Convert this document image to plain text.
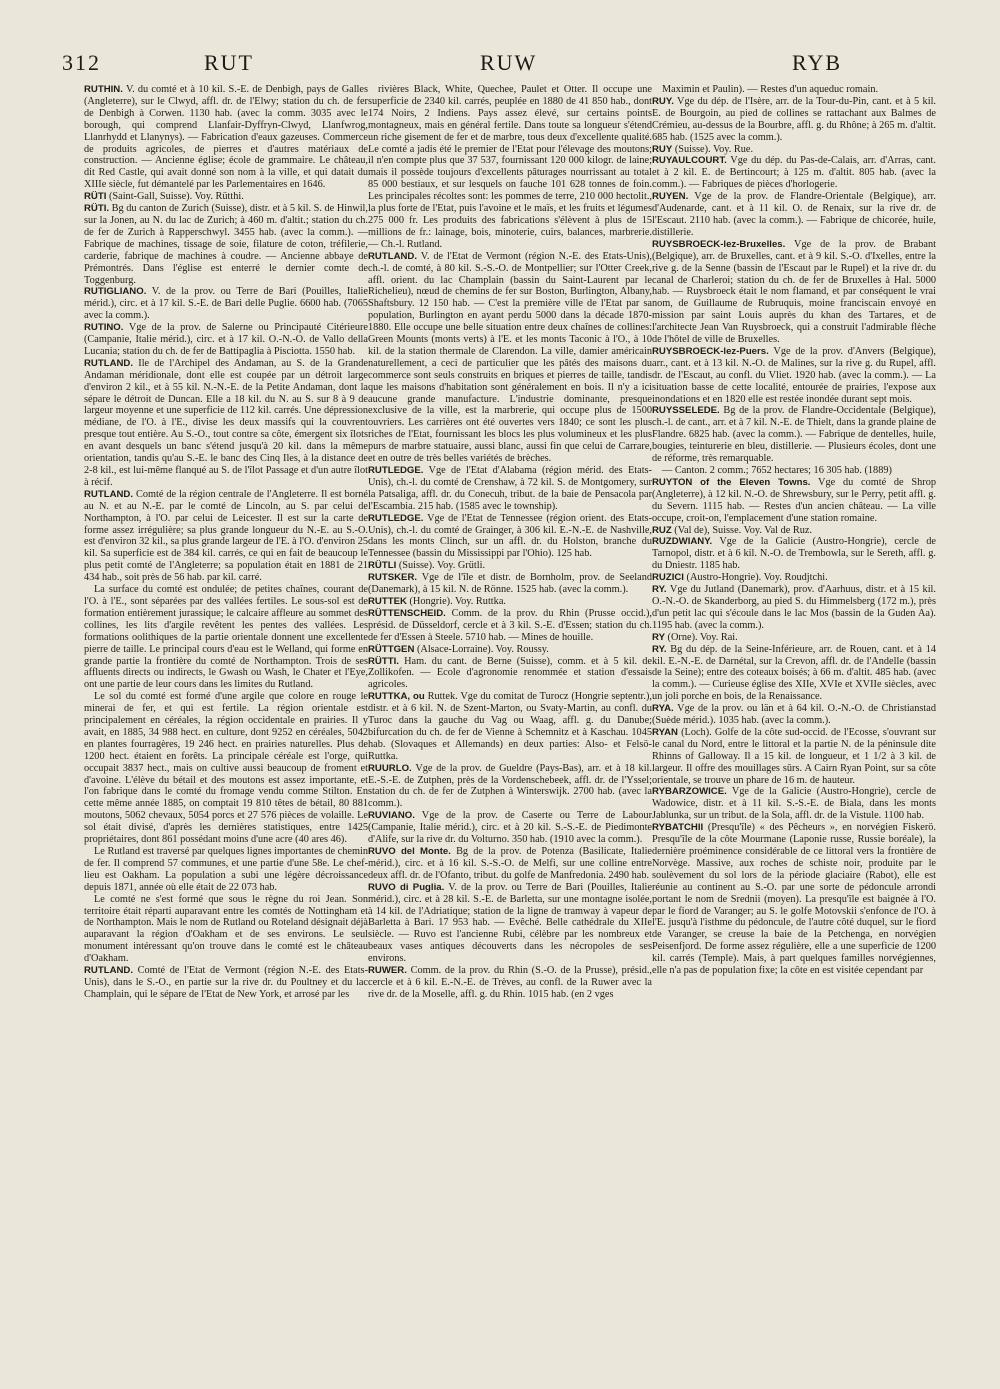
312	RUT	RUW	RYB

RUTHIN. V. du comté et à 10 kil. S.-E. de Denbigh, pays de Galles (Angleterre), sur le Clwyd, affl. dr. de l'Elwy; station du ch. de fer de Denbigh à Corwen. 1130 hab. (avec la comm. 3035 avec le borough, qui comprend Llanfair-Dyffryn-Clwyd, Llanfwrog, Llanrhydd et Llanynys). — Fabrication d'eaux gazeuses. Commerce de produits agricoles, de pierres et d'autres matériaux de construction. — Ancienne église; école de grammaire. Le château, dit Red Castle, qui avait donné son nom à la ville, et qui datait du XIIIe siècle, fut démantelé par les Parlementaires en 1646.

RÜTI (Saint-Gall, Suisse). Voy. Rütthi.

RÜTI. Bg du canton de Zurich (Suisse), distr. et à 5 kil. S. de Hinwil, sur la Jonen, au N. du lac de Zurich; à 460 m. d'altit.; station du ch. de fer de Zurich à Rapperschwyl. 3455 hab. (avec la comm.). — Fabrique de machines, tissage de soie, filature de coton, tréfilerie, carderie, fabrique de machines à coudre. — Ancienne abbaye de Prémontrés. Dans l'église est enterré le dernier comte de Toggenburg.

RUTIGLIANO. V. de la prov. ou Terre de Bari (Pouilles, Italie mérid.), circ. et à 17 kil. S.-E. de Bari delle Puglie. 6600 hab. (7065 avec la comm.).

RUTINO. Vge de la prov. de Salerne ou Principauté Citérieure (Campanie, Italie mérid.), circ. et à 17 kil. O.-N.-O. de Vallo della Lucania; station du ch. de fer de Battipaglia à Pisciotta. 1550 hab.

RUTLAND. Ile de l'Archipel des Andaman, au S. de la Grande Andaman méridionale, dont elle est coupée par un détroit large d'environ 2 kil., et à 55 kil. N.-N.-E. de la Petite Andaman, dont la sépare le détroit de Duncan. Elle a 18 kil. du N. au S. sur 8 à 9 de largeur moyenne et une superficie de 112 kil. carrés. Une dépression médiane, de l'O. à l'E., divise les deux massifs qui la couvrent presque tout entière. Au S.-O., tout contre sa côte, émergent six îlots en avant desquels un banc s'étend jusqu'à 20 kil. dans la même orientation, tandis qu'au S.-E. le banc des Cinq Iles, à la distance de 2-8 kil., est lui-même flanqué au S. de l'îlot Passage et d'un autre îlot à récif.

RUTLAND. Comté de la région centrale de l'Angleterre. Il est borné au N. et au N.-E. par le comté de Lincoln, au S. par celui de Northampton, à l'O. par celui de Leicester. Il est sur la carte de forme assez irrégulière; sa plus grande longueur du N.-E. au S.-O. est d'environ 32 kil., sa plus grande largeur de l'E. à l'O. d'environ 25 kil. Sa superficie est de 384 kil. carrés, ce qui en fait de beaucoup le plus petit comté de l'Angleterre; sa population était en 1881 de 21 434 hab., soit près de 56 hab. par kil. carré.

La surface du comté est ondulée; de petites chaînes, courant de l'O. à l'E., sont séparées par des vallées fertiles. Le sous-sol est de formation entièrement jurassique; le calcaire affleure au sommet des collines, les lits d'argile revêtent les pentes des vallées. Les formations oolithiques de la partie orientale donnent une excellente pierre de taille. Le principal cours d'eau est le Welland, qui forme en grande partie la frontière du comté de Northampton. Trois de ses affluents directs ou indirects, le Gwash ou Wash, le Chater et l'Eye, ont une partie de leur cours dans les limites du Rutland.

Le sol du comté est formé d'une argile que colore en rouge le minerai de fer, et qui est fertile. La région orientale est principalement en céréales, la région occidentale en prairies. Il y avait, en 1885, 34 988 hect. en culture, dont 9252 en céréales, 5042 en plantes fourragères, 19 246 hect. en prairies naturelles. Plus de 1200 hect. étaient en forêts. La principale céréale est l'orge, qui occupait 3837 hect., mais on cultive aussi beaucoup de froment et d'avoine. L'élève du bétail et des moutons est assez importante, et l'on fabrique dans le comté du fromage vendu comme Stilton. En cette même année 1885, on comptait 19 810 têtes de bétail, 80 881 moutons, 5062 chevaux, 5054 porcs et 27 576 pièces de volaille. Le sol était divisé, d'après les dernières statistiques, entre 1425 propriétaires, dont 861 possédant moins d'une acre (40 ares 46).

Le Rutland est traversé par quelques lignes importantes de chemin de fer. Il comprend 57 communes, et une partie d'une 58e. Le chef-lieu est Oakham. La population a subi une légère décroissance depuis 1871, année où elle était de 22 073 hab.

Le comté ne s'est formé que sous le règne du roi Jean. Son territoire était réparti auparavant entre les comtés de Nottingham et de Northampton. Mais le nom de Rutland ou Roteland désignait déjà auparavant la région d'Oakham et de ses environs. Le seul monument intéressant qu'on trouve dans le comté est le château d'Oakham.

RUTLAND. Comté de l'Etat de Vermont (région N.-E. des Etats-Unis), dans le S.-O., en partie sur la rive dr. du Poultney et du lac Champlain, qui le sépare de l'Etat de New York, et arrosé par les

rivières Black, White, Quechee, Paulet et Otter. Il occupe une superficie de 2340 kil. carrés, peuplée en 1880 de 41 850 hab., dont 174 Noirs, 2 Indiens. Pays assez élevé, sur certains points montagneux, mais en général fertile. Dans toute sa longueur s'étend un riche gisement de fer et de marbre, tous deux d'excellente qualité. Le comté a jadis été le premier de l'Etat pour l'élevage des moutons; il n'en compte plus que 37 537, fournissant 120 000 kilogr. de laine; mais il possède toujours d'excellents pâturages nourrissant au total 85 000 bestiaux, et sur lesquels on fauche 101 628 tonnes de foin. Les principales récoltes sont: les pommes de terre, 210 000 hectolit., la plus forte de l'Etat, puis l'avoine et le maïs, et les fruits et légumes 275 000 fr. Les produits des fabrications s'élèvent à plus de 15 millions de fr.: lainage, bois, minoterie, cuirs, balances, marbrerie. — Ch.-l. Rutland.

RUTLAND. V. de l'Etat de Vermont (région N.-E. des Etats-Unis), ch.-l. de comté, à 80 kil. S.-S.-O. de Montpellier; sur l'Otter Creek, affl. orient. du lac Champlain (bassin du Saint-Laurent par le Richelieu), nœud de chemins de fer sur Boston, Burlington, Albany, Shaftsbury. 12 150 hab. — C'est la première ville de l'Etat par sa population, Burlington en ayant perdu 5000 dans la décade 1870-1880. Elle occupe une belle situation entre deux chaînes de collines: Green Mounts (monts verts) à l'E. et les monts Taconic à l'O., à 10 kil. de la station thermale de Clarendon. La ville, damier américain naturellement, a ceci de particulier que les pâtés des maisons du commerce sont seuls construits en briques et pierres de taille, tandis que les maisons d'habitation sont généralement en bois. Il n'y a ici aucune grande manufacture. L'industrie dominante, presque exclusive de la ville, est la marbrerie, qui occupe plus de 1500 ouvriers. Les carrières ont été ouvertes vers 1840; ce sont les plus riches de l'Etat, fournissant les blocs les plus volumineux et les plus purs de marbre statuaire, aussi blanc, aussi fin que celui de Carrare, et en outre de très belles variétés de brèches.

RUTLEDGE. Vge de l'Etat d'Alabama (région mérid. des Etats-Unis), ch.-l. du comté de Crenshaw, à 72 kil. S. de Montgomery, sur la Patsaliga, affl. dr. du Conecuh, tribut. de la baie de Pensacola par l'Escambia. 215 hab. (1585 avec le township).

RUTLEDGE. Vge de l'Etat de Tennessee (région orient. des Etats-Unis), ch.-l. du comté de Grainger, à 306 kil. E.-N.-E. de Nashville, dans les monts Clinch, sur un affl. dr. du Holston, branche du Tennessee (bassin du Mississippi par l'Ohio). 125 hab.

RÜTLI (Suisse). Voy. Grütli.

RUTSKER. Vge de l'île et distr. de Bornholm, prov. de Seeland (Danemark), à 15 kil. N. de Rönne. 1525 hab. (avec la comm.).

RUTTEK (Hongrie). Voy. Ruttka.

RÜTTENSCHEID. Comm. de la prov. du Rhin (Prusse occid.), présid. de Düsseldorf, cercle et à 3 kil. S.-E. d'Essen; station du ch. de fer d'Essen à Steele. 5710 hab. — Mines de houille.

RÜTTGEN (Alsace-Lorraine). Voy. Roussy.

RÜTTI. Ham. du cant. de Berne (Suisse), comm. et à 5 kil. de Zollikofen. — Ecole d'agronomie renommée et station d'essais agricoles.

RUTTKA, ou Ruttek. Vge du comitat de Turocz (Hongrie septentr.), distr. et à 6 kil. N. de Szent-Marton, ou Svaty-Martin, au confl. du Turoc dans la gauche du Vag ou Waag, affl. g. du Danube; bifurcation du ch. de fer de Vienne à Schemnitz et à Kaschau. 1045 hab. (Slovaques et Allemands) en deux parties: Also- et Felsö-Ruttka.

RUURLO. Vge de la prov. de Gueldre (Pays-Bas), arr. et à 18 kil. E.-S.-E. de Zutphen, près de la Vordenschebeek, affl. dr. de l'Yssel; station du ch. de fer de Zutphen à Winterswijk. 2700 hab. (avec la comm.).

RUVIANO. Vge de la prov. de Caserte ou Terre de Labour (Campanie, Italie mérid.), circ. et à 20 kil. S.-S.-E. de Piedimonte d'Alife, sur la rive dr. du Volturno. 350 hab. (1910 avec la comm.).

RUVO del Monte. Bg de la prov. de Potenza (Basilicate, Italie mérid.), circ. et à 16 kil. S.-S.-O. de Melfi, sur une colline entre deux affl. dr. de l'Ofanto, tribut. du golfe de Manfredonia. 2490 hab.

RUVO di Puglia. V. de la prov. ou Terre de Bari (Pouilles, Italie mérid.), circ. et à 28 kil. S.-E. de Barletta, sur une montagne isolée, à 14 kil. de l'Adriatique; station de la ligne de tramway à vapeur de Barletta à Bari. 17 953 hab. — Evêché. Belle cathédrale du XIIe siècle. — Ruvo est l'ancienne Rubi, célèbre par les nombreux et beaux vases antiques découverts dans les nécropoles de ses environs.

RUWER. Comm. de la prov. du Rhin (S.-O. de la Prusse), présid., cercle et à 6 kil. E.-N.-E. de Trèves, au confl. de la Ruwer avec la rive dr. de la Moselle, affl. g. du Rhin. 1015 hab. (en 2 vges

Maximin et Paulin). — Restes d'un aqueduc romain.

RUY. Vge du dép. de l'Isère, arr. de la Tour-du-Pin, cant. et à 5 kil. E. de Bourgoin, au pied de collines se rattachant aux Balmes de Crémieu, au-dessus de la Bourbre, affl. g. du Rhône; à 265 m. d'altit. 685 hab. (1525 avec la comm.).

RUY (Suisse). Voy. Rue.

RUYAULCOURT. Vge du dép. du Pas-de-Calais, arr. d'Arras, cant. et à 2 kil. E. de Bertincourt; à 125 m. d'altit. 805 hab. (avec la comm.). — Fabriques de pièces d'horlogerie.

RUYEN. Vge de la prov. de Flandre-Orientale (Belgique), arr. d'Audenarde, cant. et à 11 kil. O. de Renaix, sur la rive dr. de l'Escaut. 2110 hab. (avec la comm.). — Fabrique de chicorée, huile, distillerie.

RUYSBROECK-lez-Bruxelles. Vge de la prov. de Brabant (Belgique), arr. de Bruxelles, cant. et à 9 kil. S.-O. d'Ixelles, entre la rive g. de la Senne (bassin de l'Escaut par le Rupel) et la rive dr. du canal de Charleroi; station du ch. de fer de Bruxelles à Hal. 5000 hab. — Ruysbroeck était le nom flamand, et par conséquent le vrai nom, de Guillaume de Rubruquis, moine franciscain envoyé en mission par saint Louis auprès du khan des Tartares, et de l'architecte Jean Van Ruysbroeck, qui a construit l'admirable flèche de l'hôtel de ville de Bruxelles.

RUYSBROECK-lez-Puers. Vge de la prov. d'Anvers (Belgique), arr., cant. et à 13 kil. N.-O. de Malines, sur la rive g. du Rupel, affl. dr. de l'Escaut, au confl. du Vliet. 1920 hab. (avec la comm.). — La situation basse de cette localité, entourée de prairies, l'expose aux inondations et en 1820 elle est restée inondée durant sept mois.

RUYSSELEDE. Bg de la prov. de Flandre-Occidentale (Belgique), ch.-l. de cant., arr. et à 7 kil. N.-E. de Thielt, dans la grande plaine de Flandre. 6825 hab. (avec la comm.). — Fabrique de dentelles, huile, bougies, teinturerie en bleu, distillerie. — Plusieurs écoles, dont une de réforme, très remarquable.

— Canton. 2 comm.; 7652 hectares; 16 305 hab. (1889)

RUYTON of the Eleven Towns. Vge du comté de Shrop (Angleterre), à 12 kil. N.-O. de Shrewsbury, sur le Perry, petit affl. g. du Severn. 1115 hab. — Restes d'un ancien château. — La ville occupe, croit-on, l'emplacement d'une station romaine.

RUZ (Val de), Suisse. Voy. Val de Ruz.

RUZDWIANY. Vge de la Galicie (Austro-Hongrie), cercle de Tarnopol, distr. et à 6 kil. N.-O. de Trembowla, sur le Sereth, affl. g. du Dniestr. 1185 hab.

RUZICI (Austro-Hongrie). Voy. Roudjtchi.

RY. Vge du Jutland (Danemark), prov. d'Aarhuus, distr. et à 15 kil. O.-N.-O. de Skanderborg, au pied S. du Himmelsberg (172 m.), près d'un petit lac qui s'écoule dans le lac Mos (bassin de la Guden Aa). 1195 hab. (avec la comm.).

RY (Orne). Voy. Rai.

RY. Bg du dép. de la Seine-Inférieure, arr. de Rouen, cant. et à 14 kil. E.-N.-E. de Darnétal, sur la Crevon, affl. dr. de l'Andelle (bassin de la Seine); entre des coteaux boisés; à 66 m. d'altit. 485 hab. (avec la comm.). — Curieuse église des XIIe, XVIe et XVIIe siècles, avec un joli porche en bois, de la Renaissance.

RYA. Vge de la prov. ou län et à 64 kil. O.-N.-O. de Christianstad (Suède mérid.). 1035 hab. (avec la comm.).

RYAN (Loch). Golfe de la côte sud-occid. de l'Ecosse, s'ouvrant sur le canal du Nord, entre le littoral et la partie N. de la péninsule dite Rhinns of Galloway. Il a 15 kil. de longueur, et 1 1/2 à 3 kil. de largeur. Il offre des mouillages sûrs. A Cairn Ryan Point, sur sa côte orientale, se trouve un phare de 16 m. de hauteur.

RYBARZOWICE. Vge de la Galicie (Austro-Hongrie), cercle de Wadowice, distr. et à 11 kil. S.-S.-E. de Biala, dans les monts Jablunka, sur un tribut. de la Sola, affl. dr. de la Vistule. 1100 hab.

RYBATCHII (Presqu'île) « des Pêcheurs », en norvégien Fiskerö. Presqu'île de la côte Mourmane (Laponie russe, Russie boréale), la dernière proéminence considérable de ce littoral vers la frontière de Norvège. Massive, aux roches de schiste noir, produite par le soulèvement du sol lors de la période glaciaire (Rabot), elle est réunie au continent au S.-O. par une sorte de pédoncule arrondi portant le nom de Srednii (moyen). La presqu'île est baignée à l'O. par le fiord de Varanger; au S. le golfe Motovskii s'enfonce de l'O. à l'E. jusqu'à l'isthme du pédoncule, de l'autre côté duquel, sur le fiord de Varanger, se creuse la baie de la Petchenga, en norvégien Peisenfjord. De forme assez régulière, elle a une superficie de 1200 kil. carrés (Temple). Mais, à part quelques familles norvégiennes, elle n'a pas de population fixe; la côte en est visitée cependant par
